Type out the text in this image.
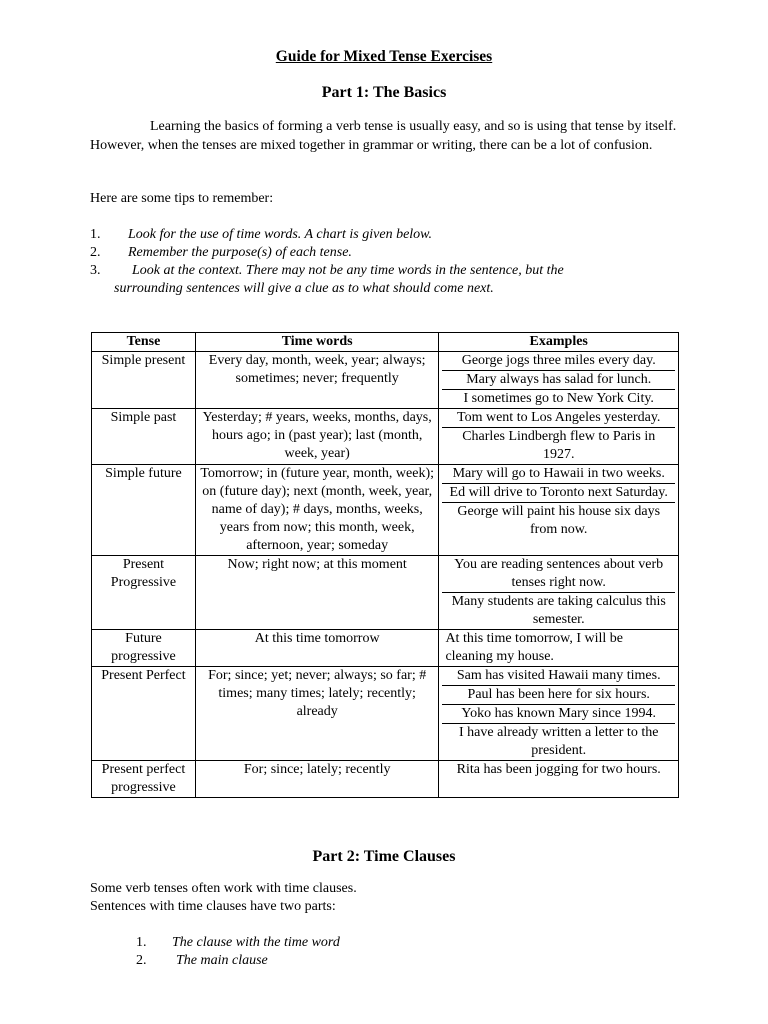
Guide for Mixed Tense Exercises
Part 1: The Basics
Learning the basics of forming a verb tense is usually easy, and so is using that tense by itself. However, when the tenses are mixed together in grammar or writing, there can be a lot of confusion.
Here are some tips to remember:
1.	Look for the use of time words. A chart is given below.
2.	Remember the purpose(s) of each tense.
3.	Look at the context. There may not be any time words in the sentence, but the
surrounding sentences will give a clue as to what should come next.
Tense	Time words	Examples
Simple present	Every day, month, week, year; always; sometimes; never; frequently	George jogs three miles every day.
Mary always has salad for lunch.
I sometimes go to New York City.

Simple past	Yesterday; # years, weeks, months, days, hours ago; in (past year); last (month, week, year)	Tom went to Los Angeles yesterday.
Charles Lindbergh flew to Paris in 1927.

Simple future	Tomorrow; in (future year, month, week); on (future day); next (month, week, year, name of day); # days, months, weeks, years from now; this month, week, afternoon, year; someday	Mary will go to Hawaii in two weeks.
Ed will drive to Toronto next Saturday.
George will paint his house six days from now.

Present Progressive	Now; right now; at this moment	You are reading sentences about verb tenses right now.
Many students are taking calculus this semester.

Future progressive	At this time tomorrow	At this time tomorrow, I will be cleaning my house.

Present Perfect	For; since; yet; never; always; so far; # times; many times; lately; recently; already	Sam has visited Hawaii many times.
Paul has been here for six hours.
Yoko has known Mary since 1994.
I have already written a letter to the president.

Present perfect progressive	For; since; lately; recently	Rita has been jogging for two hours.
Part 2: Time Clauses
Some verb tenses often work with time clauses.
Sentences with time clauses have two parts:
1.	The clause with the time word
2.	The main clause
